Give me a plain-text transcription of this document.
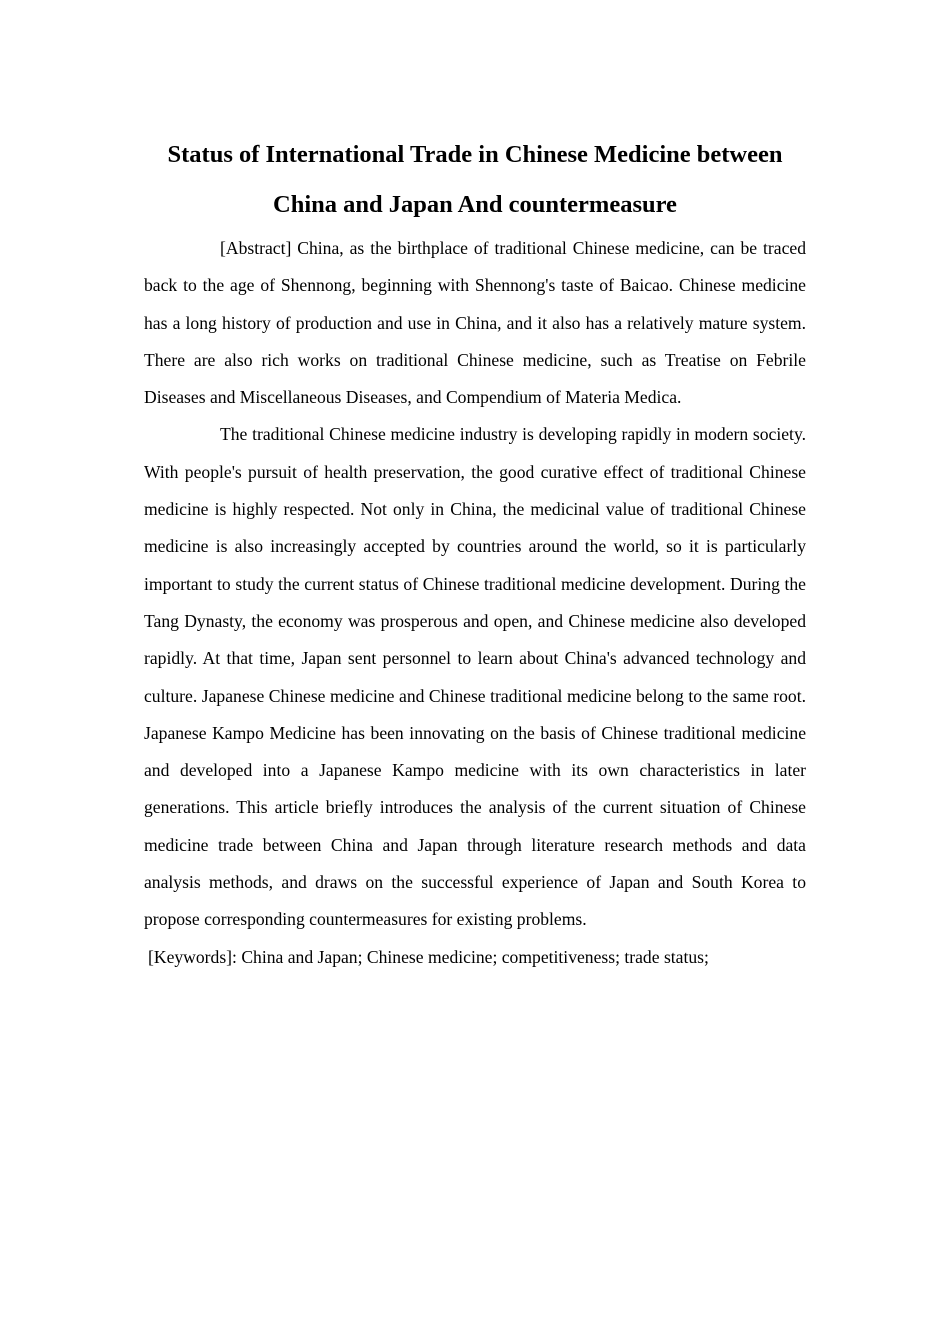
Status of International Trade in Chinese Medicine between
China and Japan And countermeasure

[Abstract] China, as the birthplace of traditional Chinese medicine, can be traced back to the age of Shennong, beginning with Shennong's taste of Baicao. Chinese medicine has a long history of production and use in China, and it also has a relatively mature system. There are also rich works on traditional Chinese medicine, such as Treatise on Febrile Diseases and Miscellaneous Diseases, and Compendium of Materia Medica.

The traditional Chinese medicine industry is developing rapidly in modern society. With people's pursuit of health preservation, the good curative effect of traditional Chinese medicine is highly respected. Not only in China, the medicinal value of traditional Chinese medicine is also increasingly accepted by countries around the world, so it is particularly important to study the current status of Chinese traditional medicine development. During the Tang Dynasty, the economy was prosperous and open, and Chinese medicine also developed rapidly. At that time, Japan sent personnel to learn about China's advanced technology and culture. Japanese Chinese medicine and Chinese traditional medicine belong to the same root. Japanese Kampo Medicine has been innovating on the basis of Chinese traditional medicine and developed into a Japanese Kampo medicine with its own characteristics in later generations. This article briefly introduces the analysis of the current situation of Chinese medicine trade between China and Japan through literature research methods and data analysis methods, and draws on the successful experience of Japan and South Korea to propose corresponding countermeasures for existing problems.

[Keywords]: China and Japan; Chinese medicine; competitiveness; trade status;
